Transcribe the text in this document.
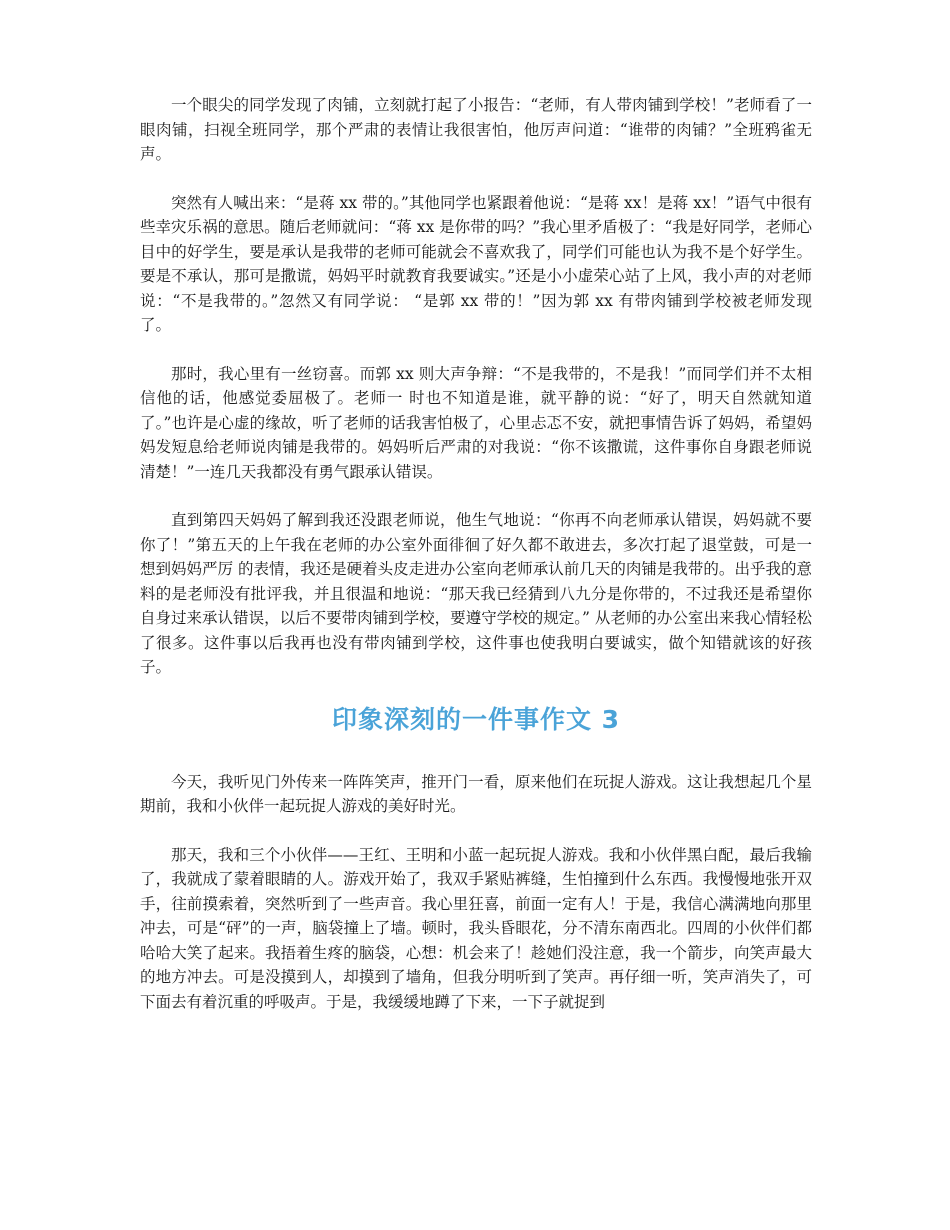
一个眼尖的同学发现了肉铺，立刻就打起了小报告：“老师，有人带肉铺到学校！”老师看了一眼肉铺，扫视全班同学，那个严肃的表情让我很害怕，他厉声问道：“谁带的肉铺？”全班鸦雀无声。

突然有人喊出来：“是蒋 xx 带的。”其他同学也紧跟着他说：“是蒋 xx！是蒋 xx！”语气中很有些幸灾乐祸的意思。随后老师就问：“蒋 xx 是你带的吗？”我心里矛盾极了：“我是好同学，老师心目中的好学生，要是承认是我带的老师可能就会不喜欢我了，同学们可能也认为我不是个好学生。要是不承认，那可是撒谎，妈妈平时就教育我要诚实。”还是小小虚荣心站了上风，我小声的对老师说：“不是我带的。”忽然又有同学说： “是郭 xx 带的！”因为郭 xx 有带肉铺到学校被老师发现了。

那时，我心里有一丝窃喜。而郭 xx 则大声争辩：“不是我带的，不是我！”而同学们并不太相信他的话，他感觉委屈极了。老师一 时也不知道是谁，就平静的说：“好了，明天自然就知道了。”也许是心虚的缘故，听了老师的话我害怕极了，心里忐忑不安，就把事情告诉了妈妈，希望妈妈发短息给老师说肉铺是我带的。妈妈听后严肃的对我说：“你不该撒谎，这件事你自身跟老师说清楚！”一连几天我都没有勇气跟承认错误。

直到第四天妈妈了解到我还没跟老师说，他生气地说：“你再不向老师承认错误，妈妈就不要你了！”第五天的上午我在老师的办公室外面徘徊了好久都不敢进去，多次打起了退堂鼓，可是一想到妈妈严厉 的表情，我还是硬着头皮走进办公室向老师承认前几天的肉铺是我带的。出乎我的意料的是老师没有批评我，并且很温和地说：“那天我已经猜到八九分是你带的，不过我还是希望你自身过来承认错误，以后不要带肉铺到学校，要遵守学校的规定。” 从老师的办公室出来我心情轻松了很多。这件事以后我再也没有带肉铺到学校，这件事也使我明白要诚实，做个知错就该的好孩子。

印象深刻的一件事作文 3

今天，我听见门外传来一阵阵笑声，推开门一看，原来他们在玩捉人游戏。这让我想起几个星期前，我和小伙伴一起玩捉人游戏的美好时光。

那天，我和三个小伙伴——王红、王明和小蓝一起玩捉人游戏。我和小伙伴黑白配，最后我输了，我就成了蒙着眼睛的人。游戏开始了，我双手紧贴裤缝，生怕撞到什么东西。我慢慢地张开双手，往前摸索着，突然听到了一些声音。我心里狂喜，前面一定有人！于是，我信心满满地向那里冲去，可是“砰”的一声，脑袋撞上了墙。顿时，我头昏眼花，分不清东南西北。四周的小伙伴们都哈哈大笑了起来。我捂着生疼的脑袋，心想：机会来了！趁她们没注意，我一个箭步，向笑声最大的地方冲去。可是没摸到人，却摸到了墙角，但我分明听到了笑声。再仔细一听，笑声消失了，可下面去有着沉重的呼吸声。于是，我缓缓地蹲了下来，一下子就捉到
